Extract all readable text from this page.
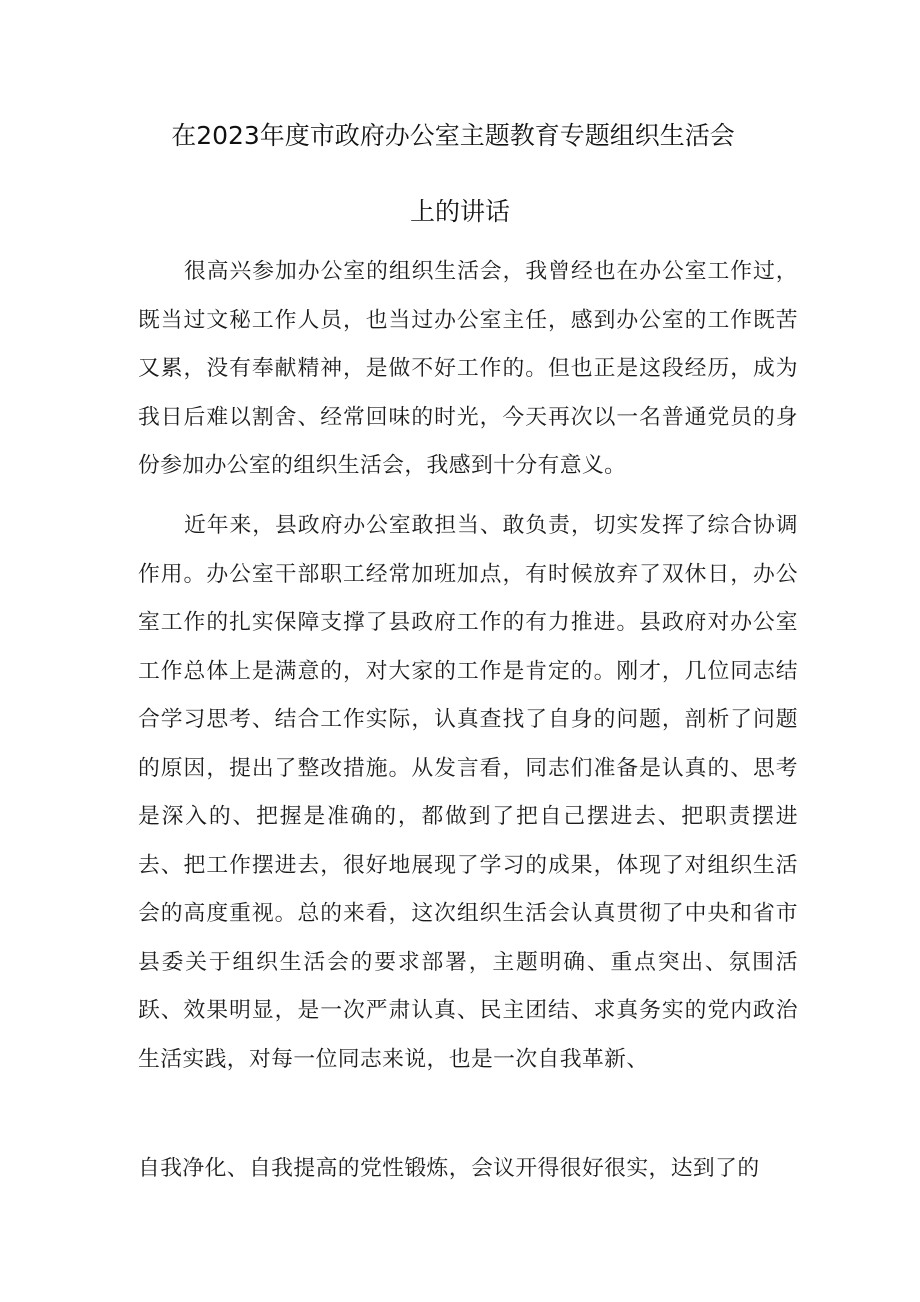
在2023年度市政府办公室主题教育专题组织生活会
上的讲话

很高兴参加办公室的组织生活会，我曾经也在办公室工作过，既当过文秘工作人员，也当过办公室主任，感到办公室的工作既苦又累，没有奉献精神，是做不好工作的。但也正是这段经历，成为我日后难以割舍、经常回味的时光，今天再次以一名普通党员的身份参加办公室的组织生活会，我感到十分有意义。

近年来，县政府办公室敢担当、敢负责，切实发挥了综合协调作用。办公室干部职工经常加班加点，有时候放弃了双休日，办公室工作的扎实保障支撑了县政府工作的有力推进。县政府对办公室工作总体上是满意的，对大家的工作是肯定的。刚才，几位同志结合学习思考、结合工作实际，认真查找了自身的问题，剖析了问题的原因，提出了整改措施。从发言看，同志们准备是认真的、思考是深入的、把握是准确的，都做到了把自己摆进去、把职责摆进去、把工作摆进去，很好地展现了学习的成果，体现了对组织生活会的高度重视。总的来看，这次组织生活会认真贯彻了中央和省市县委关于组织生活会的要求部署，主题明确、重点突出、氛围活跃、效果明显，是一次严肃认真、民主团结、求真务实的党内政治生活实践，对每一位同志来说，也是一次自我革新、

自我净化、自我提高的党性锻炼，会议开得很好很实，达到了的
